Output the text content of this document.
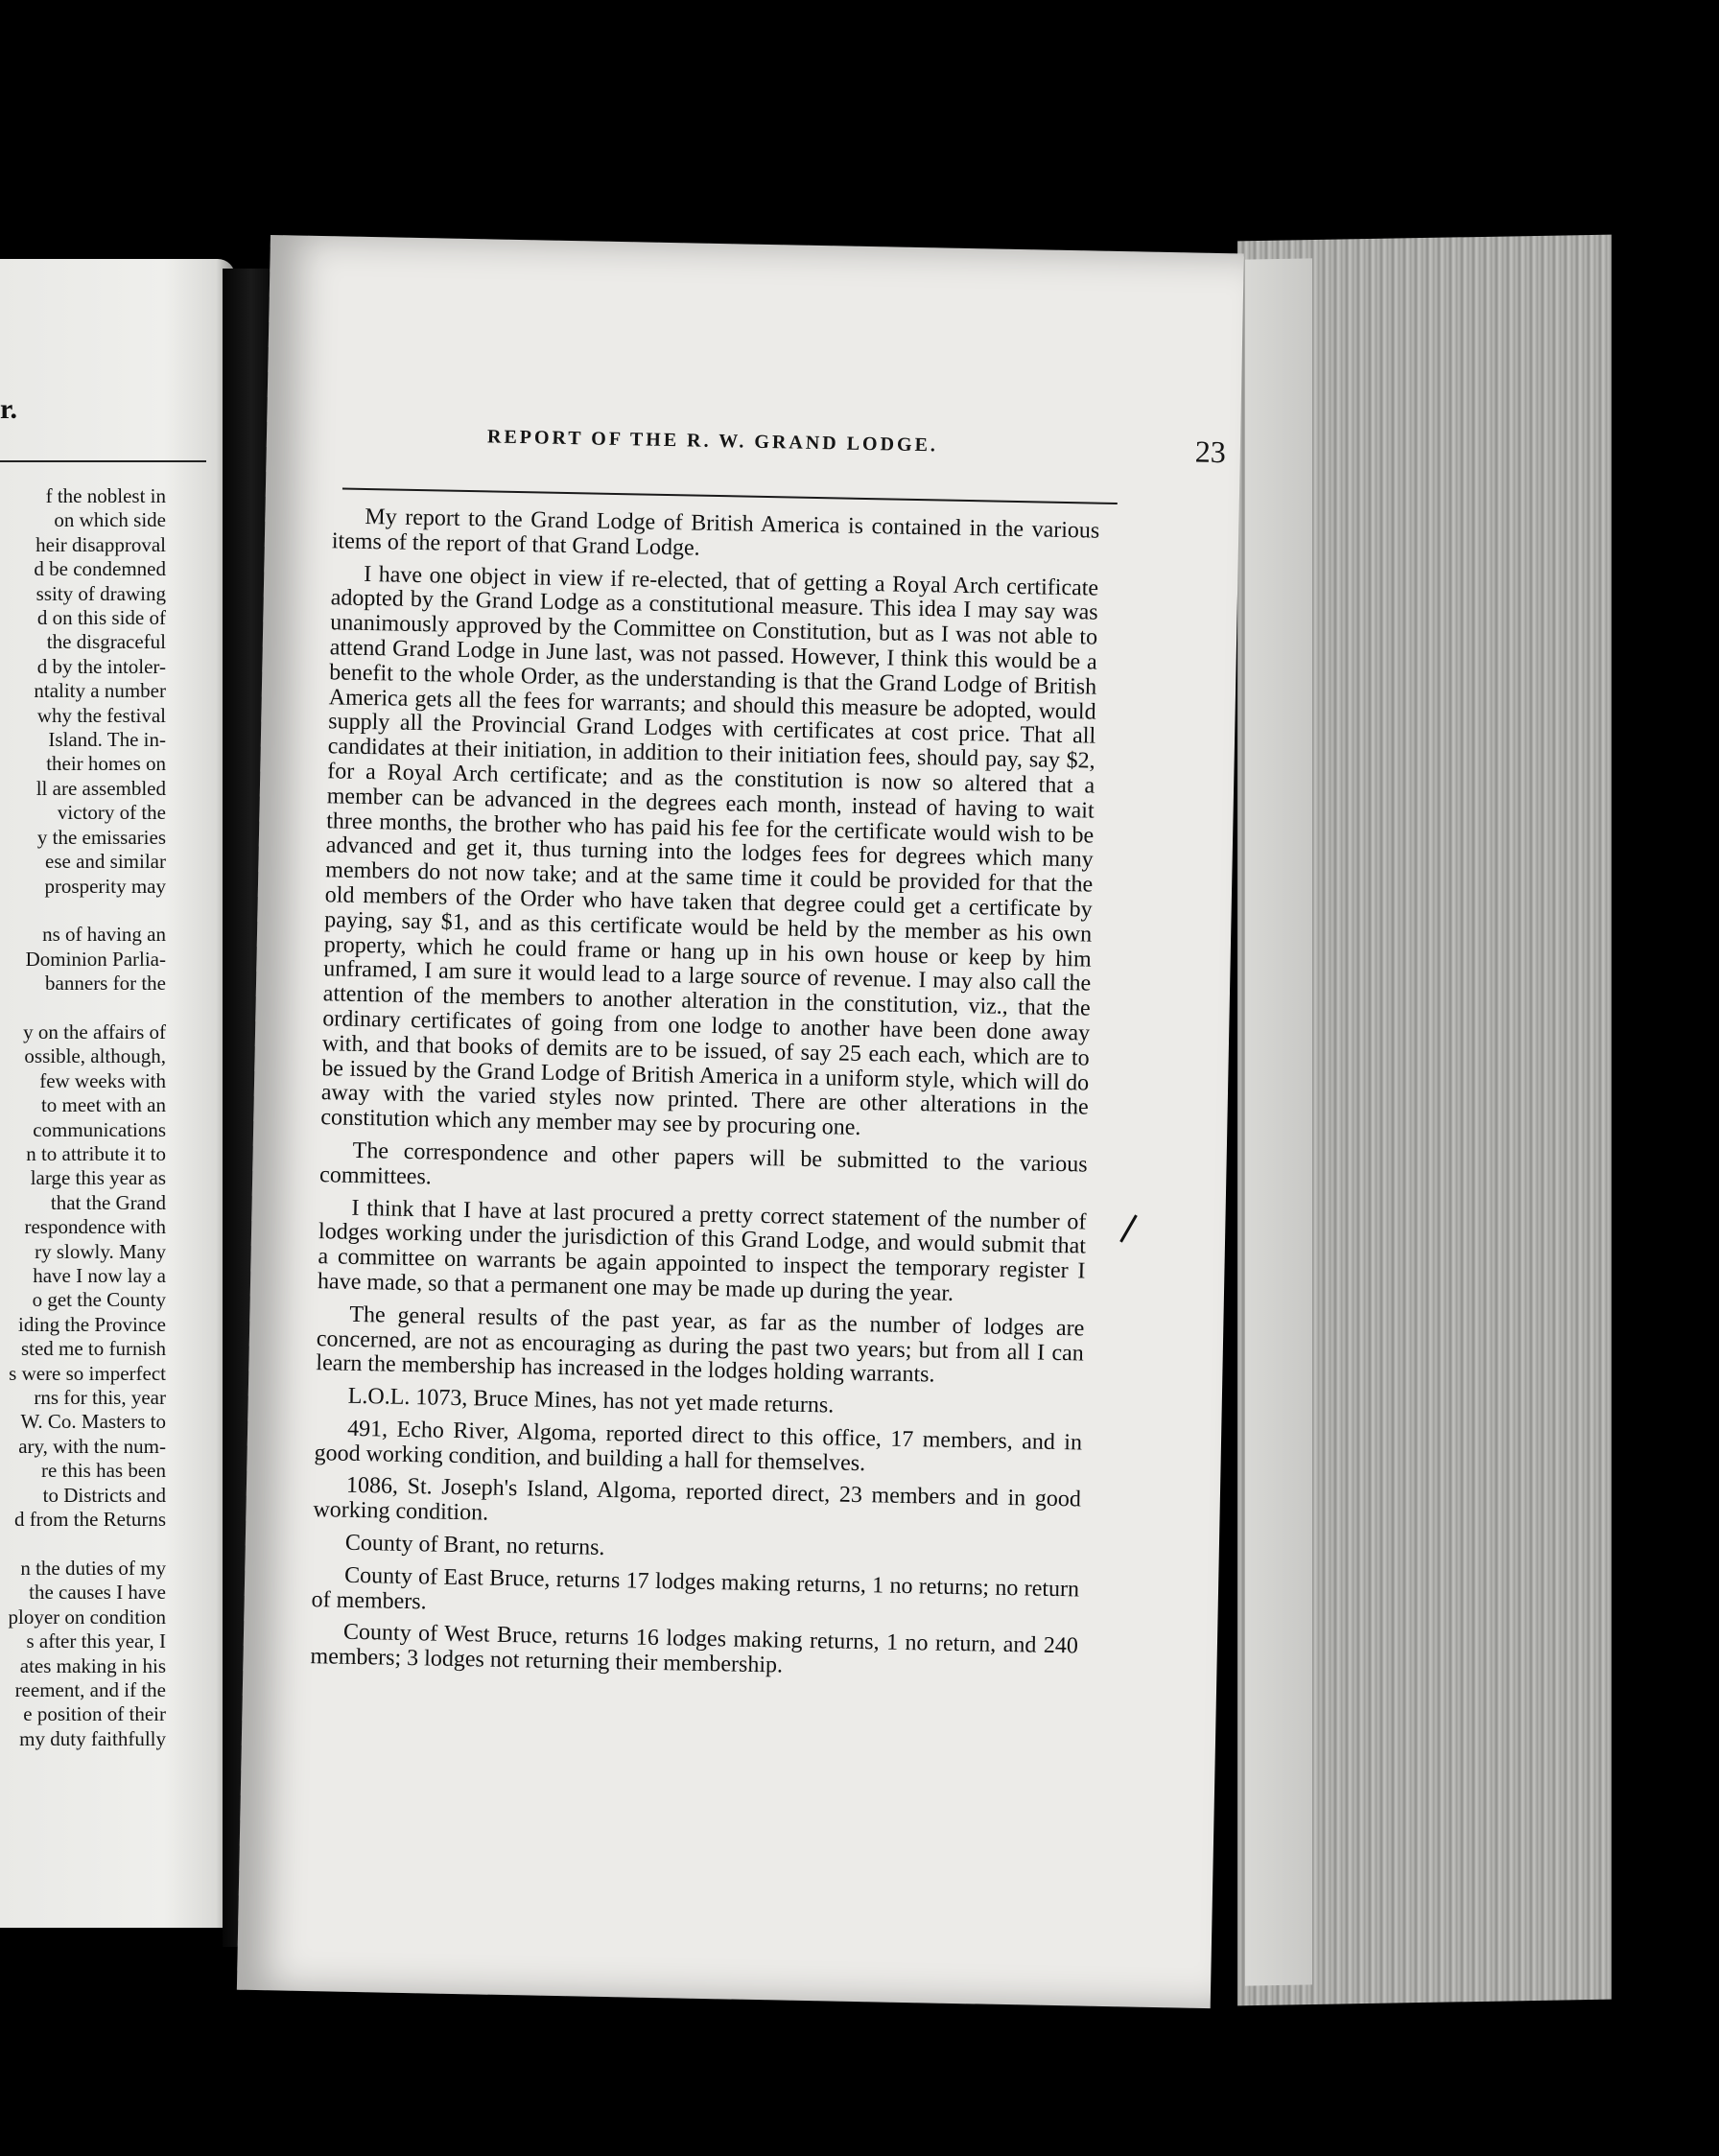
r.
f the noblest in
on which side
heir disapproval
d be condemned
ssity of drawing
d on this side of
the disgraceful
d by the intoler-
ntality a number
why the festival
Island. The in-
their homes on
ll are assembled
victory of the
y the emissaries
ese and similar
prosperity may

ns of having an
Dominion Parlia-
banners for the

y on the affairs of
ossible, although,
few weeks with
to meet with an
communications
n to attribute it to
large this year as
that the Grand
respondence with
ry slowly. Many
have I now lay a
o get the County
iding the Province
sted me to furnish
s were so imperfect
rns for this, year
W. Co. Masters to
ary, with the num-
re this has been
to Districts and
d from the Returns

n the duties of my
the causes I have
ployer on condition
s after this year, I
ates making in his
reement, and if the
e position of their
my duty faithfully
REPORT OF THE R. W. GRAND LODGE.	23

My report to the Grand Lodge of British America is contained in the various items of the report of that Grand Lodge.

I have one object in view if re-elected, that of getting a Royal Arch certificate adopted by the Grand Lodge as a constitutional measure. This idea I may say was unanimously approved by the Committee on Constitution, but as I was not able to attend Grand Lodge in June last, was not passed. However, I think this would be a benefit to the whole Order, as the understanding is that the Grand Lodge of British America gets all the fees for warrants; and should this measure be adopted, would supply all the Provincial Grand Lodges with certificates at cost price. That all candidates at their initiation, in addition to their initiation fees, should pay, say $2, for a Royal Arch certificate; and as the constitution is now so altered that a member can be advanced in the degrees each month, instead of having to wait three months, the brother who has paid his fee for the certificate would wish to be advanced and get it, thus turning into the lodges fees for degrees which many members do not now take; and at the same time it could be provided for that the old members of the Order who have taken that degree could get a certificate by paying, say $1, and as this certificate would be held by the member as his own property, which he could frame or hang up in his own house or keep by him unframed, I am sure it would lead to a large source of revenue. I may also call the attention of the members to another alteration in the constitution, viz., that the ordinary certificates of going from one lodge to another have been done away with, and that books of demits are to be issued, of say 25 each each, which are to be issued by the Grand Lodge of British America in a uniform style, which will do away with the varied styles now printed. There are other alterations in the constitution which any member may see by procuring one.

The correspondence and other papers will be submitted to the various committees.

I think that I have at last procured a pretty correct statement of the number of lodges working under the jurisdiction of this Grand Lodge, and would submit that a committee on warrants be again appointed to inspect the temporary register I have made, so that a permanent one may be made up during the year.

The general results of the past year, as far as the number of lodges are concerned, are not as encouraging as during the past two years; but from all I can learn the membership has increased in the lodges holding warrants.

L.O.L. 1073, Bruce Mines, has not yet made returns.

491, Echo River, Algoma, reported direct to this office, 17 members, and in good working condition, and building a hall for themselves.

1086, St. Joseph's Island, Algoma, reported direct, 23 members and in good working condition.

County of Brant, no returns.

County of East Bruce, returns 17 lodges making returns, 1 no returns; no return of members.

County of West Bruce, returns 16 lodges making returns, 1 no return, and 240 members; 3 lodges not returning their membership.
